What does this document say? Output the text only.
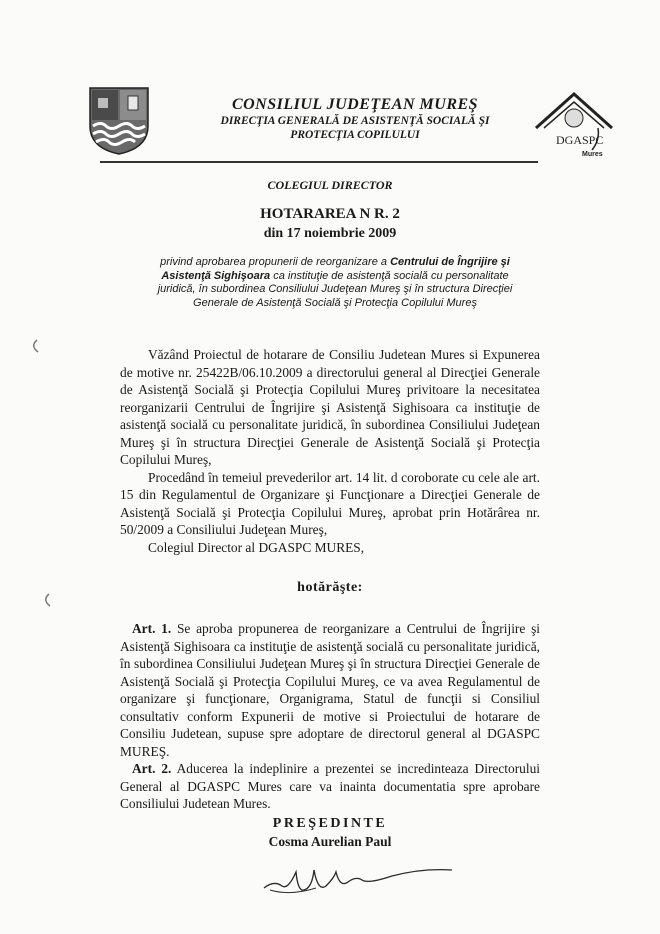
CONSILIUL JUDEŢEAN MUREŞ
DIRECŢIA GENERALĂ DE ASISTENŢĂ SOCIALĂ ŞI
PROTECŢIA COPILULUI	DGASPC
Mures
COLEGIUL DIRECTOR
HOTARAREA N R. 2
din 17 noiembrie 2009
privind aprobarea propunerii de reorganizare a Centrului de Îngrijire şi Asistenţă Sighişoara ca instituţie de asistenţă socială cu personalitate juridică, în subordinea Consiliului Judeţean Mureş şi în structura Direcţiei Generale de Asistenţă Socială şi Protecţia Copilului Mureş

Văzând Proiectul de hotarare de Consiliu Judetean Mures si Expunerea de motive nr. 25422B/06.10.2009 a directorului general al Direcţiei Generale de Asistenţă Socială şi Protecţia Copilului Mureş privitoare la necesitatea reorganizarii Centrului de Îngrijire şi Asistenţă Sighisoara ca instituţie de asistenţă socială cu personalitate juridică, în subordinea Consiliului Judeţean Mureş şi în structura Direcţiei Generale de Asistenţă Socială şi Protecţia Copilului Mureş,

Procedând în temeiul prevederilor art. 14 lit. d coroborate cu cele ale art. 15 din Regulamentul de Organizare şi Funcţionare a Direcţiei Generale de Asistenţă Socială şi Protecţia Copilului Mureş, aprobat prin Hotărârea nr. 50/2009 a Consiliului Judeţean Mureş,

Colegiul Director al DGASPC MURES,

hotărăşte:

Art. 1. Se aproba propunerea de reorganizare a Centrului de Îngrijire şi Asistenţă Sighisoara ca instituţie de asistenţă socială cu personalitate juridică, în subordinea Consiliului Judeţean Mureş şi în structura Direcţiei Generale de Asistenţă Socială şi Protecţia Copilului Mureş, ce va avea Regulamentul de organizare şi funcţionare, Organigrama, Statul de funcţii si Consiliul consultativ conform Expunerii de motive si Proiectului de hotarare de Consiliu Judetean, supuse spre adoptare de directorul general al DGASPC MUREŞ.

Art. 2. Aducerea la indeplinire a prezentei se incredinteaza Directorului General al DGASPC Mures care va inainta documentatia spre aprobare Consiliului Judetean Mures.

PREŞEDINTE
Cosma Aurelian Paul
